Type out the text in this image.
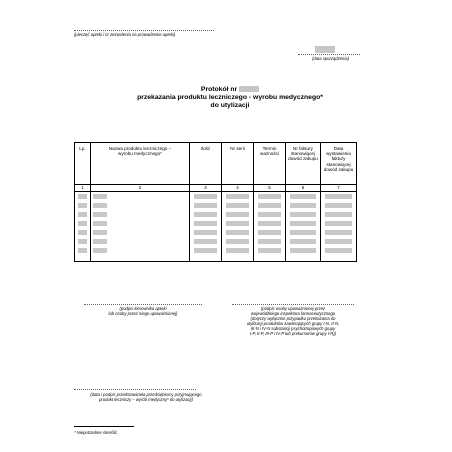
(pieczęć apteki i nr zezwolenia na prowadzenie apteki)
(data sporządzenia)
Protokół nr
przekazania produktu leczniczego - wyrobu medycznego*
do utylizacji
Lp.	Nazwa produktu leczniczego – wyrobu medycznego*	Ilość	Nr serii	Termin ważności	Nr faktury stanowiącej dowód zakupu	Data wystawienia faktury stanowiącej dowód zakupu
1	2	3	4	5	6	7

(podpis kierownika apteki
lub osoby przez niego upoważnionej)
(podpis osoby upoważnionej przez
wojewódzkiego inspektora farmaceutycznego
(dotyczy wyłącznie przypadku przekazania do
utylizacji produktów zawierających grupy I-N, II-N,
III-N i IV-N substancji psychotropowych grupy
I-P, II-P, III-P i IV-P lub prekursorów grupy I-R))
(data i podpis przedstawiciela przedsiębiorcy przyjmującego
produkt leczniczy – wyrób medyczny* do utylizacji)
* Niepotrzebne skreślić.
